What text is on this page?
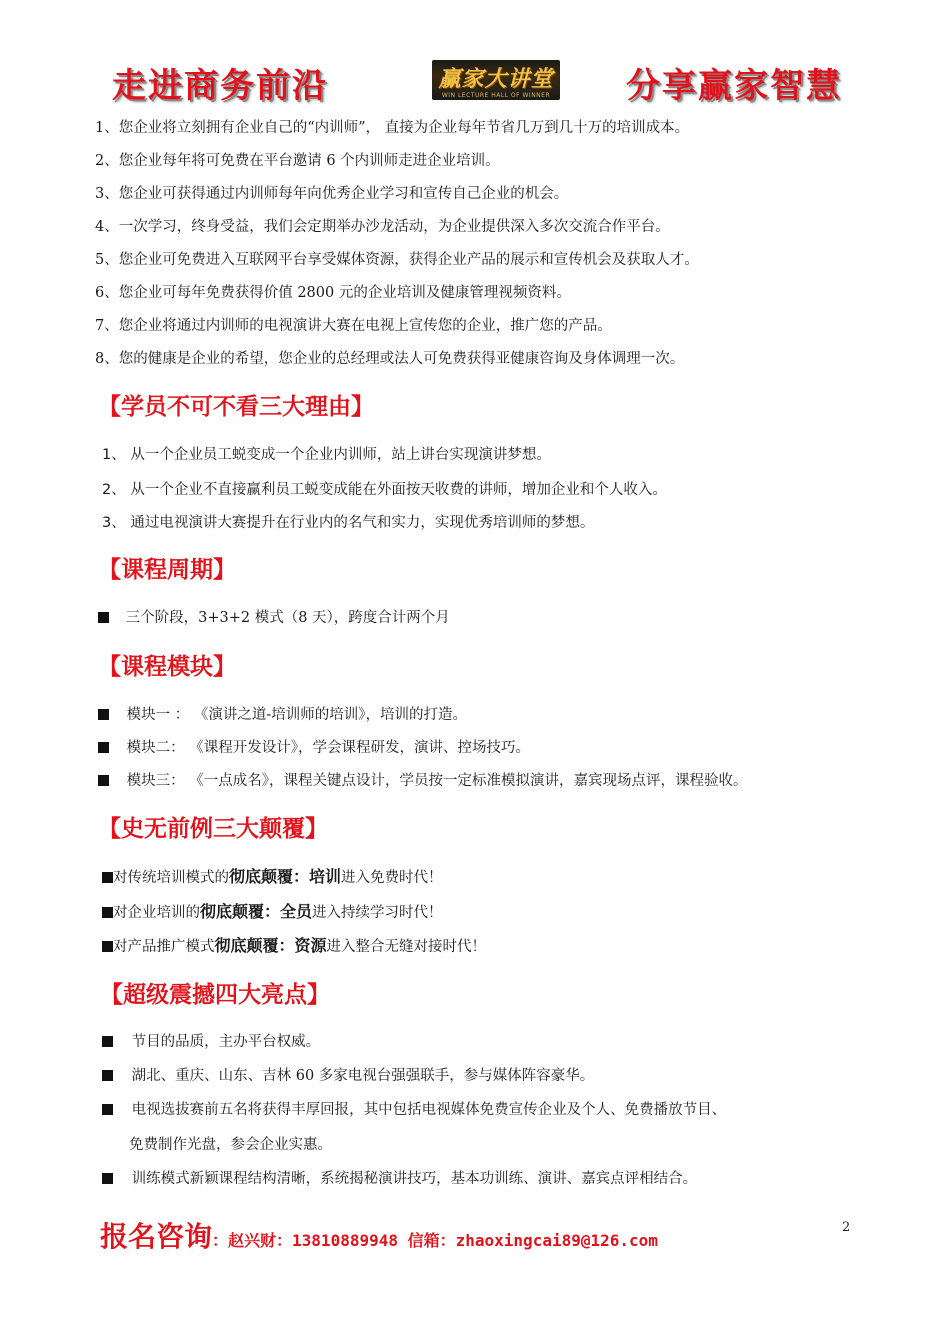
走进商务前沿	赢家大讲堂
WIN LECTURE HALL OF WINNER 分享赢家智慧
1、您企业将立刻拥有企业自己的“内训师”， 直接为企业每年节省几万到几十万的培训成本。
2、您企业每年将可免费在平台邀请 6 个内训师走进企业培训。
3、您企业可获得通过内训师每年向优秀企业学习和宣传自己企业的机会。
4、一次学习，终身受益，我们会定期举办沙龙活动，为企业提供深入多次交流合作平台。
5、您企业可免费进入互联网平台享受媒体资源，获得企业产品的展示和宣传机会及获取人才。
6、您企业可每年免费获得价值 2800 元的企业培训及健康管理视频资料。
7、您企业将通过内训师的电视演讲大赛在电视上宣传您的企业，推广您的产品。
8、您的健康是企业的希望，您企业的总经理或法人可免费获得亚健康咨询及身体调理一次。
【学员不可不看三大理由】
1、 从一个企业员工蜕变成一个企业内训师，站上讲台实现演讲梦想。
2、 从一个企业不直接赢利员工蜕变成能在外面按天收费的讲师，增加企业和个人收入。
3、 通过电视演讲大赛提升在行业内的名气和实力，实现优秀培训师的梦想。
【课程周期】
三个阶段，3+3+2 模式（8 天），跨度合计两个月
【课程模块】
模块一 ： 《演讲之道-培训师的培训》，培训的打造。
模块二： 《课程开发设计》，学会课程研发，演讲、控场技巧。
模块三： 《一点成名》，课程关键点设计，学员按一定标准模拟演讲，嘉宾现场点评，课程验收。
【史无前例三大颠覆】
对传统培训模式的彻底颠覆：培训进入免费时代！
对企业培训的彻底颠覆：全员进入持续学习时代！
对产品推广模式彻底颠覆：资源进入整合无缝对接时代！
【超级震撼四大亮点】
节目的品质，主办平台权威。
湖北、重庆、山东、吉林 60 多家电视台强强联手，参与媒体阵容豪华。
电视选拔赛前五名将获得丰厚回报，其中包括电视媒体免费宣传企业及个人、免费播放节目、
免费制作光盘，参会企业实惠。
训练模式新颖课程结构清晰，系统揭秘演讲技巧，基本功训练、演讲、嘉宾点评相结合。
报名咨询：赵兴财：13810889948 信箱：zhaoxingcai89@126.com
2
